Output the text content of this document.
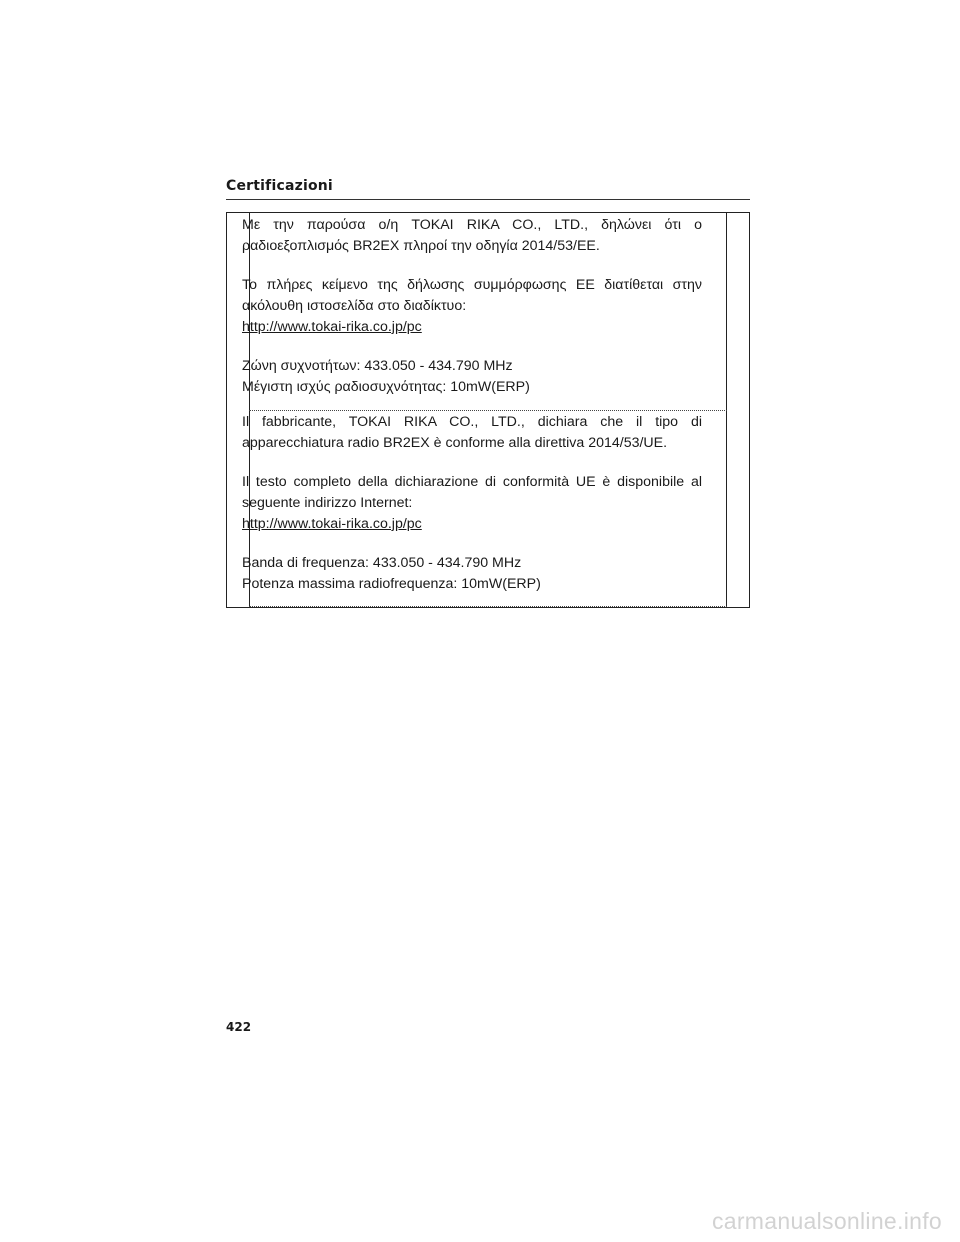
Certificazioni

Με την παρούσα ο/η TOKAI RIKA CO., LTD., δηλώνει ότι ο ραδιοεξοπλισμός BR2EX πληροί την οδηγία 2014/53/ΕΕ.

Το πλήρες κείμενο της δήλωσης συμμόρφωσης ΕΕ διατίθεται στην ακόλουθη ιστοσελίδα στο διαδίκτυο:

http://www.tokai-rika.co.jp/pc

Ζώνη συχνοτήτων: 433.050 - 434.790 MHz

Μέγιστη ισχύς ραδιοσυχνότητας: 10mW(ERP)

Il fabbricante, TOKAI RIKA CO., LTD., dichiara che il tipo di apparecchiatura radio BR2EX è conforme alla direttiva 2014/53/UE.

Il testo completo della dichiarazione di conformità UE è disponibile al seguente indirizzo Internet:

http://www.tokai-rika.co.jp/pc

Banda di frequenza: 433.050 - 434.790 MHz

Potenza massima radiofrequenza: 10mW(ERP)

422
carmanualsonline.info
